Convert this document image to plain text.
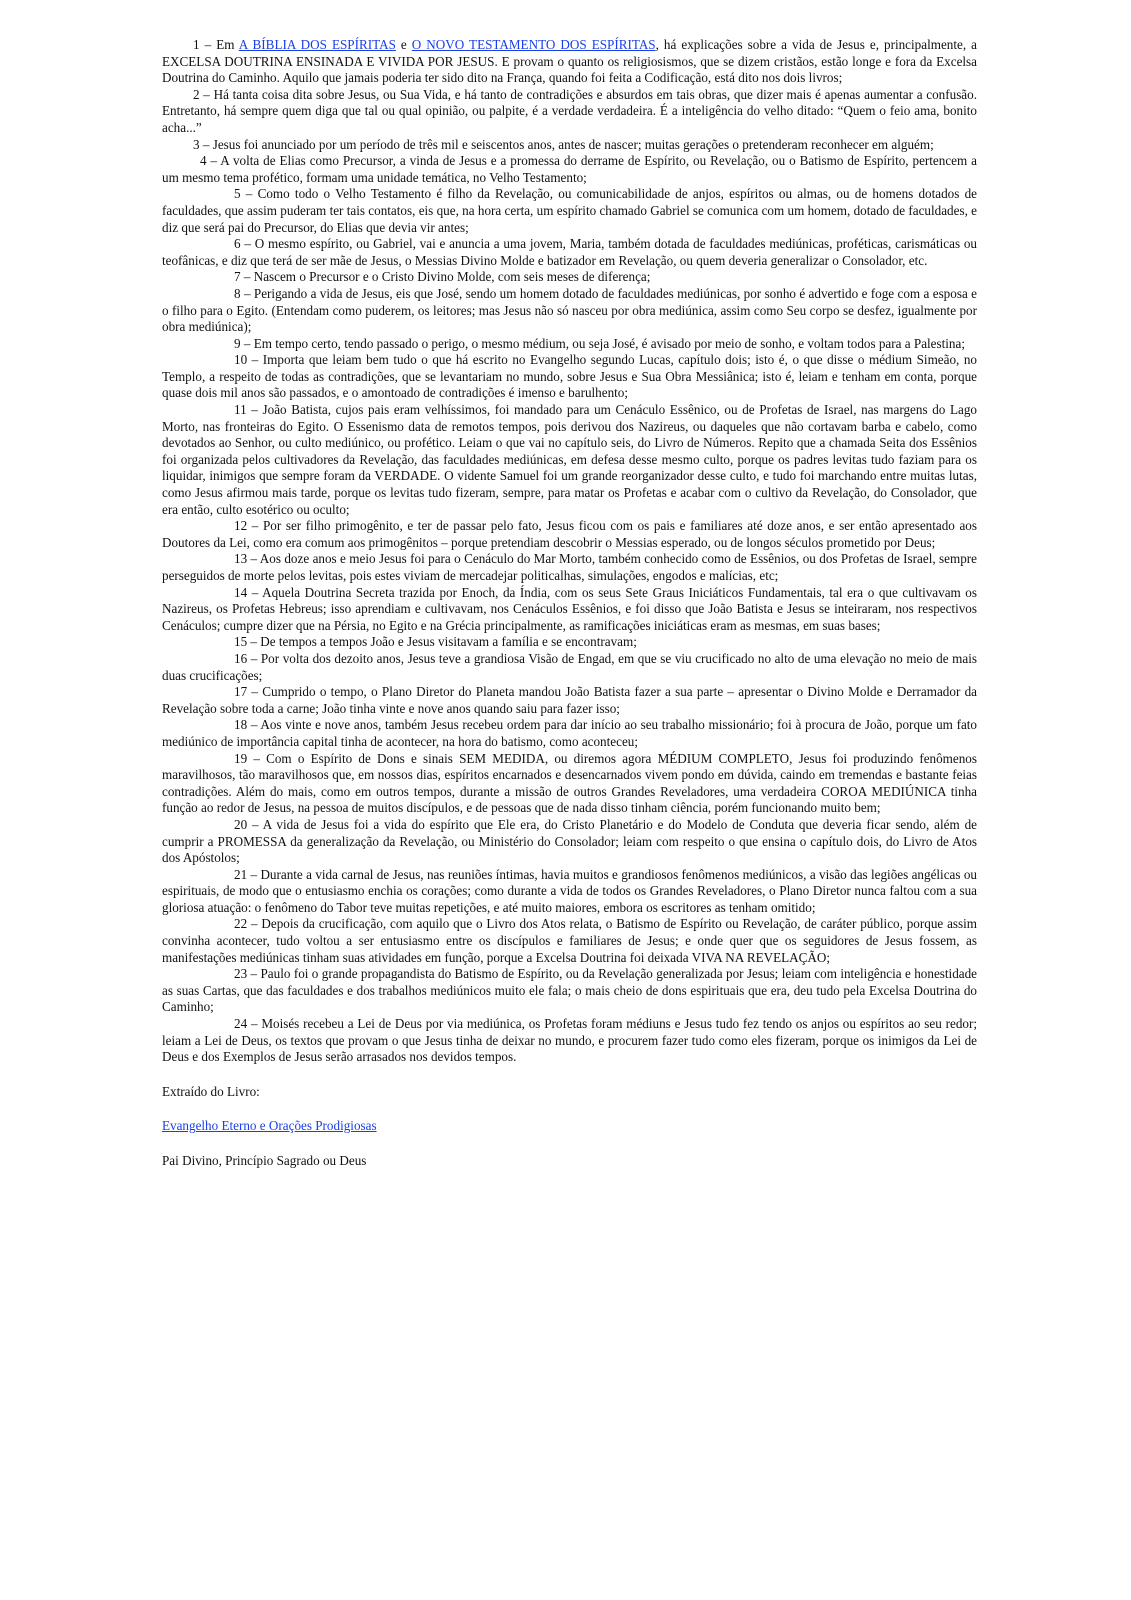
1 – Em A BÍBLIA DOS ESPÍRITAS e O NOVO TESTAMENTO DOS ESPÍRITAS, há explicações sobre a vida de Jesus e, principalmente, a EXCELSA DOUTRINA ENSINADA E VIVIDA POR JESUS. E provam o quanto os religiosismos, que se dizem cristãos, estão longe e fora da Excelsa Doutrina do Caminho. Aquilo que jamais poderia ter sido dito na França, quando foi feita a Codificação, está dito nos dois livros;

2 – Há tanta coisa dita sobre Jesus, ou Sua Vida, e há tanto de contradições e absurdos em tais obras, que dizer mais é apenas aumentar a confusão. Entretanto, há sempre quem diga que tal ou qual opinião, ou palpite, é a verdade verdadeira. É a inteligência do velho ditado: “Quem o feio ama, bonito acha...”

3 – Jesus foi anunciado por um período de três mil e seiscentos anos, antes de nascer; muitas gerações o pretenderam reconhecer em alguém;

4 – A volta de Elias como Precursor, a vinda de Jesus e a promessa do derrame de Espírito, ou Revelação, ou o Batismo de Espírito, pertencem a um mesmo tema profético, formam uma unidade temática, no Velho Testamento;

5 – Como todo o Velho Testamento é filho da Revelação, ou comunicabilidade de anjos, espíritos ou almas, ou de homens dotados de faculdades, que assim puderam ter tais contatos, eis que, na hora certa, um espírito chamado Gabriel se comunica com um homem, dotado de faculdades, e diz que será pai do Precursor, do Elias que devia vir antes;

6 – O mesmo espírito, ou Gabriel, vai e anuncia a uma jovem, Maria, também dotada de faculdades mediúnicas, proféticas, carismáticas ou teofânicas, e diz que terá de ser mãe de Jesus, o Messias Divino Molde e batizador em Revelação, ou quem deveria generalizar o Consolador, etc.

7 – Nascem o Precursor e o Cristo Divino Molde, com seis meses de diferença;

8 – Perigando a vida de Jesus, eis que José, sendo um homem dotado de faculdades mediúnicas, por sonho é advertido e foge com a esposa e o filho para o Egito. (Entendam como puderem, os leitores; mas Jesus não só nasceu por obra mediúnica, assim como Seu corpo se desfez, igualmente por obra mediúnica);

9 – Em tempo certo, tendo passado o perigo, o mesmo médium, ou seja José, é avisado por meio de sonho, e voltam todos para a Palestina;

10 – Importa que leiam bem tudo o que há escrito no Evangelho segundo Lucas, capítulo dois; isto é, o que disse o médium Simeão, no Templo, a respeito de todas as contradições, que se levantariam no mundo, sobre Jesus e Sua Obra Messiânica; isto é, leiam e tenham em conta, porque quase dois mil anos são passados, e o amontoado de contradições é imenso e barulhento;

11 – João Batista, cujos pais eram velhíssimos, foi mandado para um Cenáculo Essênico, ou de Profetas de Israel, nas margens do Lago Morto, nas fronteiras do Egito. O Essenismo data de remotos tempos, pois derivou dos Nazireus, ou daqueles que não cortavam barba e cabelo, como devotados ao Senhor, ou culto mediúnico, ou profético. Leiam o que vai no capítulo seis, do Livro de Números. Repito que a chamada Seita dos Essênios foi organizada pelos cultivadores da Revelação, das faculdades mediúnicas, em defesa desse mesmo culto, porque os padres levitas tudo faziam para os liquidar, inimigos que sempre foram da VERDADE. O vidente Samuel foi um grande reorganizador desse culto, e tudo foi marchando entre muitas lutas, como Jesus afirmou mais tarde, porque os levitas tudo fizeram, sempre, para matar os Profetas e acabar com o cultivo da Revelação, do Consolador, que era então, culto esotérico ou oculto;

12 – Por ser filho primogênito, e ter de passar pelo fato, Jesus ficou com os pais e familiares até doze anos, e ser então apresentado aos Doutores da Lei, como era comum aos primogênitos – porque pretendiam descobrir o Messias esperado, ou de longos séculos prometido por Deus;

13 – Aos doze anos e meio Jesus foi para o Cenáculo do Mar Morto, também conhecido como de Essênios, ou dos Profetas de Israel, sempre perseguidos de morte pelos levitas, pois estes viviam de mercadejar politicalhas, simulações, engodos e malícias, etc;

14 – Aquela Doutrina Secreta trazida por Enoch, da Índia, com os seus Sete Graus Iniciáticos Fundamentais, tal era o que cultivavam os Nazireus, os Profetas Hebreus; isso aprendiam e cultivavam, nos Cenáculos Essênios, e foi disso que João Batista e Jesus se inteiraram, nos respectivos Cenáculos; cumpre dizer que na Pérsia, no Egito e na Grécia principalmente, as ramificações iniciáticas eram as mesmas, em suas bases;

15 – De tempos a tempos João e Jesus visitavam a família e se encontravam;

16 – Por volta dos dezoito anos, Jesus teve a grandiosa Visão de Engad, em que se viu crucificado no alto de uma elevação no meio de mais duas crucificações;

17 – Cumprido o tempo, o Plano Diretor do Planeta mandou João Batista fazer a sua parte – apresentar o Divino Molde e Derramador da Revelação sobre toda a carne; João tinha vinte e nove anos quando saiu para fazer isso;

18 – Aos vinte e nove anos, também Jesus recebeu ordem para dar início ao seu trabalho missionário; foi à procura de João, porque um fato mediúnico de importância capital tinha de acontecer, na hora do batismo, como aconteceu;

19 – Com o Espírito de Dons e sinais SEM MEDIDA, ou diremos agora MÉDIUM COMPLETO, Jesus foi produzindo fenômenos maravilhosos, tão maravilhosos que, em nossos dias, espíritos encarnados e desencarnados vivem pondo em dúvida, caindo em tremendas e bastante feias contradições. Além do mais, como em outros tempos, durante a missão de outros Grandes Reveladores, uma verdadeira COROA MEDIÚNICA tinha função ao redor de Jesus, na pessoa de muitos discípulos, e de pessoas que de nada disso tinham ciência, porém funcionando muito bem;

20 – A vida de Jesus foi a vida do espírito que Ele era, do Cristo Planetário e do Modelo de Conduta que deveria ficar sendo, além de cumprir a PROMESSA da generalização da Revelação, ou Ministério do Consolador; leiam com respeito o que ensina o capítulo dois, do Livro de Atos dos Apóstolos;

21 – Durante a vida carnal de Jesus, nas reuniões íntimas, havia muitos e grandiosos fenômenos mediúnicos, a visão das legiões angélicas ou espirituais, de modo que o entusiasmo enchia os corações; como durante a vida de todos os Grandes Reveladores, o Plano Diretor nunca faltou com a sua gloriosa atuação: o fenômeno do Tabor teve muitas repetições, e até muito maiores, embora os escritores as tenham omitido;

22 – Depois da crucificação, com aquilo que o Livro dos Atos relata, o Batismo de Espírito ou Revelação, de caráter público, porque assim convinha acontecer, tudo voltou a ser entusiasmo entre os discípulos e familiares de Jesus; e onde quer que os seguidores de Jesus fossem, as manifestações mediúnicas tinham suas atividades em função, porque a Excelsa Doutrina foi deixada VIVA NA REVELAÇÃO;

23 – Paulo foi o grande propagandista do Batismo de Espírito, ou da Revelação generalizada por Jesus; leiam com inteligência e honestidade as suas Cartas, que das faculdades e dos trabalhos mediúnicos muito ele fala; o mais cheio de dons espirituais que era, deu tudo pela Excelsa Doutrina do Caminho;

24 – Moisés recebeu a Lei de Deus por via mediúnica, os Profetas foram médiuns e Jesus tudo fez tendo os anjos ou espíritos ao seu redor; leiam a Lei de Deus, os textos que provam o que Jesus tinha de deixar no mundo, e procurem fazer tudo como eles fizeram, porque os inimigos da Lei de Deus e dos Exemplos de Jesus serão arrasados nos devidos tempos.

Extraído do Livro:

Evangelho Eterno e Orações Prodigiosas

Pai Divino, Princípio Sagrado ou Deus
